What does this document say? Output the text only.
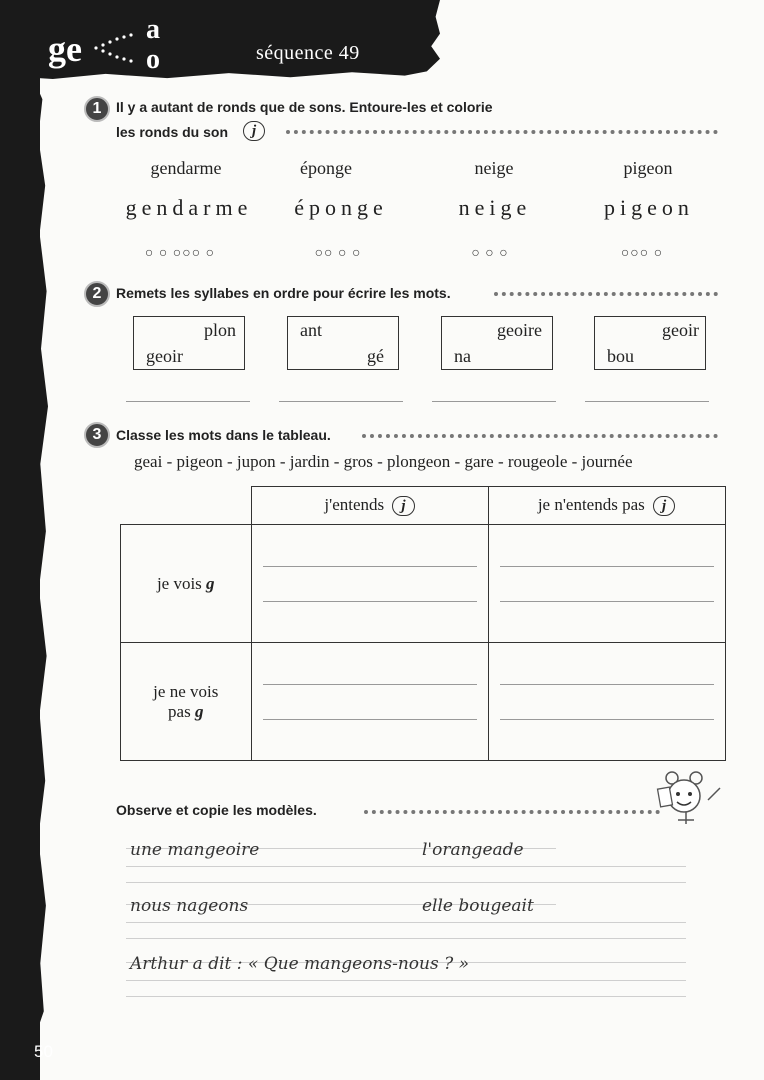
ge a
o	séquence 49
1	Il y a autant de ronds que de sons. Entoure-les et colorie
les ronds du son	j
gendarme	éponge	neige	pigeon
gendarme	éponge	neige	pigeon
○ ○ ○○○ ○	○○ ○ ○	○ ○ ○	○○○ ○
2	Remets les syllabes en ordre pour écrire les mots.
plon
geoir
ant
gé
geoire
na
geoir
bou
3	Classe les mots dans le tableau.
geai - pigeon - jupon - jardin - gros - plongeon - gare - rougeole - journée
	j'entends j	je n'entends pas j
je vois g	

je ne vois
pas g		

Observe et copie les modèles.
une mangeoire	l'orangeade
nous nageons	elle bougeait
Arthur a dit : « Que mangeons-nous ? »
50
